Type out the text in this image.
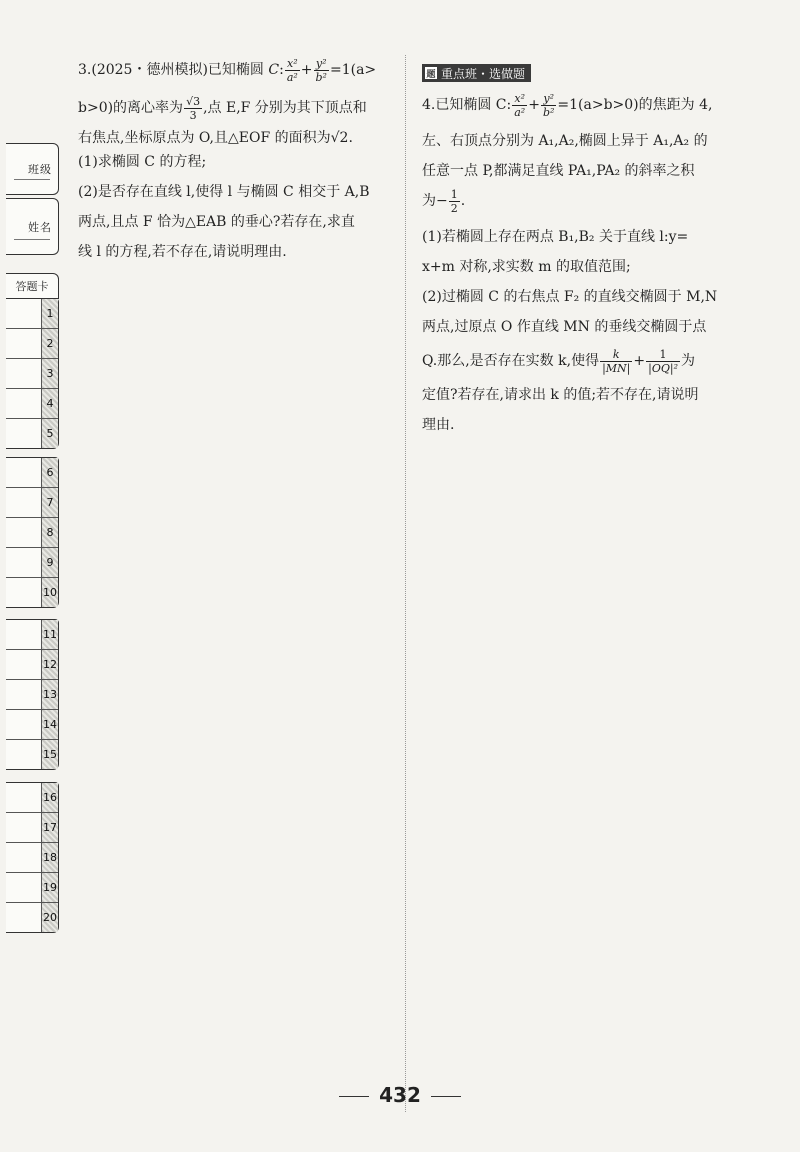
班级
姓名
答题卡
1
2
3
4
5
6
7
8
9
10
11
12
13
14
15
16
17
18
19
20

3.(2025・德州模拟)已知椭圆 C: $\frac{\text{x²}}{\text{a²}} + \frac{\text{y²}}{\text{b²}} =1(a>$

b>0)的离心率为 $\frac{√3}{3}$ ,点 E,F 分别为其下顶点和

右焦点,坐标原点为 O,且△EOF 的面积为√2.

(1)求椭圆 C 的方程;

(2)是否存在直线 l,使得 l 与椭圆 C 相交于 A,B

两点,且点 F 恰为△EAB 的垂心?若存在,求直

线 l 的方程,若不存在,请说明理由.

题 重点班・选做题

4.已知椭圆 C: $\frac{\text{x²}}{\text{a²}} + \frac{\text{y²}}{\text{b²}} =1(a>b>0)$的焦距为 4,

左、右顶点分别为 A₁,A₂,椭圆上异于 A₁,A₂ 的

任意一点 P,都满足直线 PA₁,PA₂ 的斜率之积

为− $\frac{1}{2}$ .

(1)若椭圆上存在两点 B₁,B₂ 关于直线 l:y=

x+m 对称,求实数 m 的取值范围;

(2)过椭圆 C 的右焦点 F₂ 的直线交椭圆于 M,N

两点,过原点 O 作直线 MN 的垂线交椭圆于点

Q.那么,是否存在实数 k,使得 $\frac{k}{|MN|} + \frac{1}{\text{|OQ|²}}$ 为

定值?若存在,请求出 k 的值;若不存在,请说明

理由.

432
